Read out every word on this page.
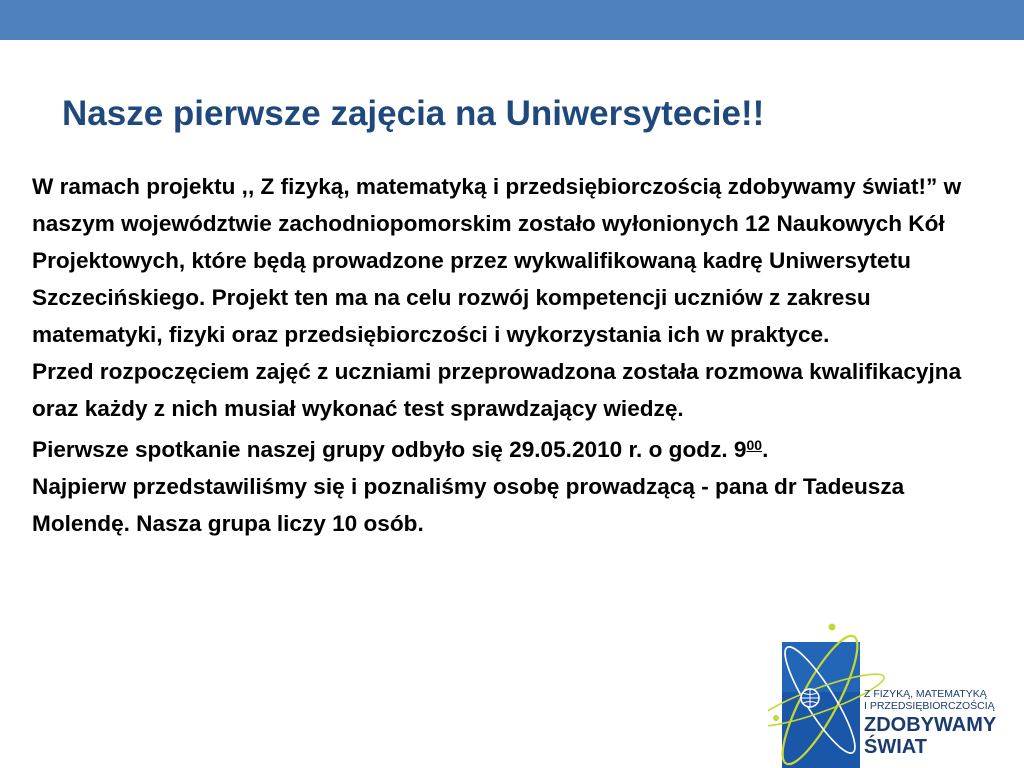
Nasze pierwsze zajęcia na Uniwersytecie!!

W ramach projektu ,, Z fizyką, matematyką i przedsiębiorczością zdobywamy świat!” w naszym województwie zachodniopomorskim zostało wyłonionych 12 Naukowych Kół Projektowych, które będą prowadzone przez wykwalifikowaną kadrę Uniwersytetu Szczecińskiego. Projekt ten ma na celu rozwój kompetencji uczniów z zakresu matematyki, fizyki oraz przedsiębiorczości i wykorzystania ich w praktyce.

Przed rozpoczęciem zajęć z uczniami przeprowadzona została rozmowa kwalifikacyjna oraz każdy z nich musiał wykonać test sprawdzający wiedzę.

Pierwsze spotkanie naszej grupy odbyło się 29.05.2010 r. o godz. $9^{00}$.

Najpierw przedstawiliśmy się i poznaliśmy osobę prowadzącą - pana dr Tadeusza Molendę. Nasza grupa liczy 10 osób.

Z FIZYKĄ, MATEMATYKĄ
I PRZEDSIĘBIORCZOŚCIĄ
ZDOBYWAMY
ŚWIAT
